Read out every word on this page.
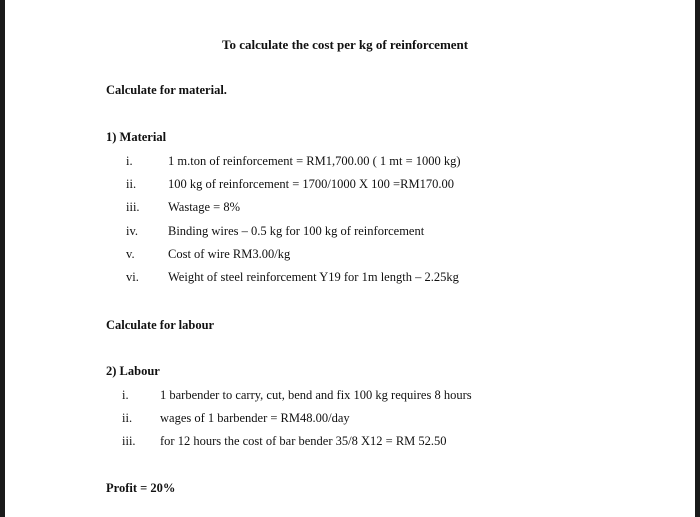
To calculate the cost per kg of reinforcement
Calculate for material.
1) Material
i.	1 m.ton of reinforcement = RM1,700.00 ( 1 mt = 1000 kg)
ii.	100 kg of reinforcement = 1700/1000 X 100 =RM170.00
iii. Wastage = 8%
iv. Binding wires – 0.5 kg for 100 kg of reinforcement
v.	Cost of wire RM3.00/kg
vi. Weight of steel reinforcement Y19 for 1m length – 2.25kg
Calculate for labour
2) Labour
i.	1 barbender to carry, cut, bend and fix 100 kg requires 8 hours
ii. wages of 1 barbender = RM48.00/day
iii. for 12 hours the cost of bar bender 35/8 X12 = RM 52.50
Profit = 20%
